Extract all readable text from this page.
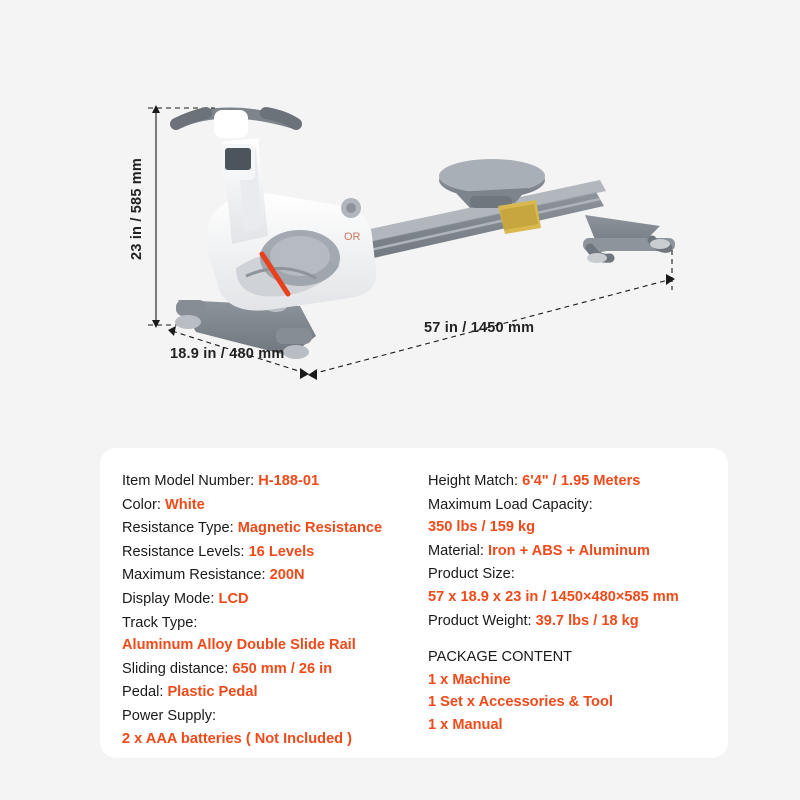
OR
23 in / 585 mm
18.9 in / 480 mm
57 in / 1450 mm
Item Model Number: H-188-01
Color: White
Resistance Type: Magnetic Resistance
Resistance Levels: 16 Levels
Maximum Resistance: 200N
Display Mode: LCD
Track Type:
Aluminum Alloy Double Slide Rail
Sliding distance: 650 mm / 26 in
Pedal: Plastic Pedal
Power Supply:
2 x AAA batteries ( Not Included )
Height Match: 6'4" / 1.95 Meters
Maximum Load Capacity:
350 lbs / 159 kg
Material: Iron + ABS + Aluminum
Product Size:
57 x 18.9 x 23 in / 1450×480×585 mm
Product Weight: 39.7 lbs / 18 kg
PACKAGE CONTENT
1 x Machine
1 Set x Accessories & Tool
1 x Manual
